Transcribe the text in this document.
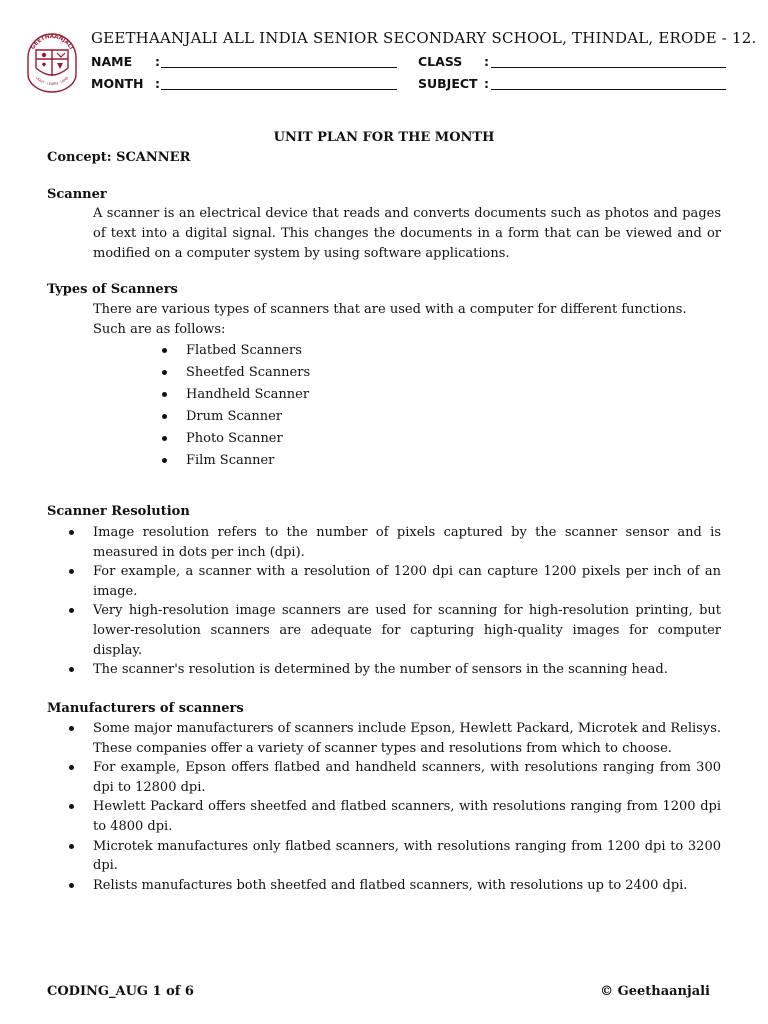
GEETHAANJALI
LIGHT · LEARN · LEAD
GEETHAANJALI ALL INDIA SENIOR SECONDARY SCHOOL, THINDAL, ERODE - 12.
NAME :	CLASS :
MONTH :	SUBJECT :
UNIT PLAN FOR THE MONTH
Concept: SCANNER
Scanner
A scanner is an electrical device that reads and converts documents such as photos and pages
of text into a digital signal. This changes the documents in a form that can be viewed and or
modified on a computer system by using software applications.
Types of Scanners
There are various types of scanners that are used with a computer for different functions.
Such are as follows:
Flatbed Scanners
Sheetfed Scanners
Handheld Scanner
Drum Scanner
Photo Scanner
Film Scanner
Scanner Resolution
Image resolution refers to the number of pixels captured by the scanner sensor and is measured in dots per inch (dpi).
For example, a scanner with a resolution of 1200 dpi can capture 1200 pixels per inch of an image.
Very high-resolution image scanners are used for scanning for high-resolution printing, but lower-resolution scanners are adequate for capturing high-quality images for computer display.
The scanner's resolution is determined by the number of sensors in the scanning head.
Manufacturers of scanners
Some major manufacturers of scanners include Epson, Hewlett Packard, Microtek and Relisys. These companies offer a variety of scanner types and resolutions from which to choose.
For example, Epson offers flatbed and handheld scanners, with resolutions ranging from 300 dpi to 12800 dpi.
Hewlett Packard offers sheetfed and flatbed scanners, with resolutions ranging from 1200 dpi to 4800 dpi.
Microtek manufactures only flatbed scanners, with resolutions ranging from 1200 dpi to 3200 dpi.
Relists manufactures both sheetfed and flatbed scanners, with resolutions up to 2400 dpi.
CODING_AUG 1 of 6	© Geethaanjali
